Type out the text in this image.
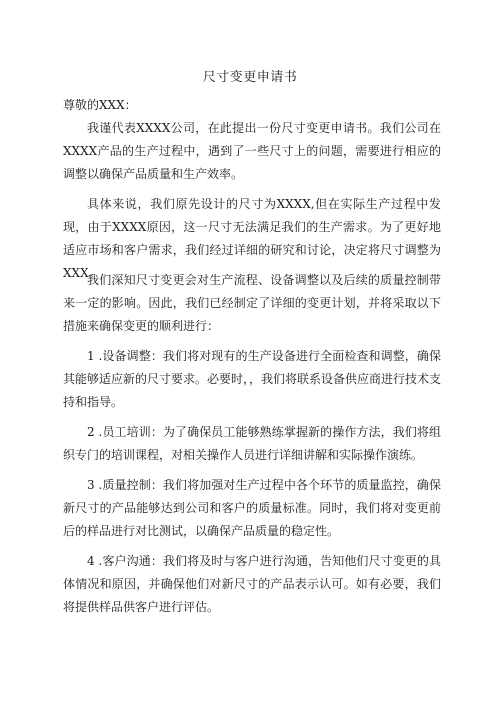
尺寸变更申请书
尊敬的XXX：

我谨代表XXXX公司，在此提出一份尺寸变更申请书。我们公司在XXXX产品的生产过程中，遇到了一些尺寸上的问题，需要进行相应的调整以确保产品质量和生产效率。

具体来说，我们原先设计的尺寸为XXXX,但在实际生产过程中发现，由于XXXX原因，这一尺寸无法满足我们的生产需求。为了更好地适应市场和客户需求，我们经过详细的研究和讨论，决定将尺寸调整为XXX。

我们深知尺寸变更会对生产流程、设备调整以及后续的质量控制带来一定的影响。因此，我们已经制定了详细的变更计划，并将采取以下措施来确保变更的顺利进行：

1 .设备调整：我们将对现有的生产设备进行全面检查和调整，确保其能够适应新的尺寸要求。必要时，，我们将联系设备供应商进行技术支持和指导。

2 .员工培训：为了确保员工能够熟练掌握新的操作方法，我们将组织专门的培训课程，对相关操作人员进行详细讲解和实际操作演练。

3 .质量控制：我们将加强对生产过程中各个环节的质量监控，确保新尺寸的产品能够达到公司和客户的质量标准。同时，我们将对变更前后的样品进行对比测试，以确保产品质量的稳定性。

4 .客户沟通：我们将及时与客户进行沟通，告知他们尺寸变更的具体情况和原因，并确保他们对新尺寸的产品表示认可。如有必要，我们将提供样品供客户进行评估。
